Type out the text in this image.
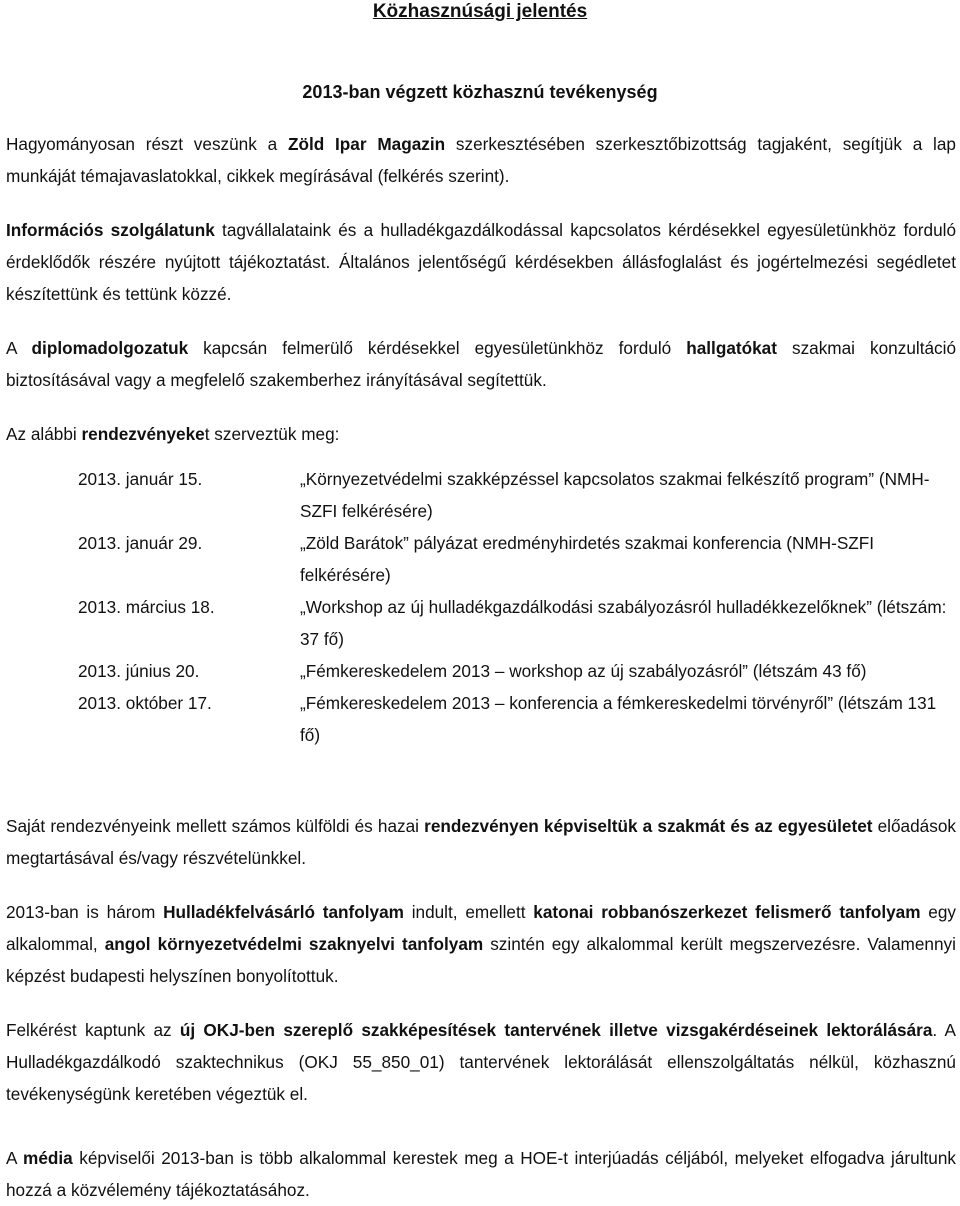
Közhasznúsági jelentés
2013-ban végzett közhasznú tevékenység
Hagyományosan részt veszünk a Zöld Ipar Magazin szerkesztésében szerkesztőbizottság tagjaként, segítjük a lap munkáját témajavaslatokkal, cikkek megírásával (felkérés szerint).
Információs szolgálatunk tagvállalataink és a hulladékgazdálkodással kapcsolatos kérdésekkel egyesületünkhöz forduló érdeklődők részére nyújtott tájékoztatást. Általános jelentőségű kérdésekben állásfoglalást és jogértelmezési segédletet készítettünk és tettünk közzé.
A diplomadolgozatuk kapcsán felmerülő kérdésekkel egyesületünkhöz forduló hallgatókat szakmai konzultáció biztosításával vagy a megfelelő szakemberhez irányításával segítettük.
Az alábbi rendezvényeket szerveztük meg:
2013. január 15.	„Környezetvédelmi szakképzéssel kapcsolatos szakmai felkészítő program” (NMH-SZFI felkérésére)
2013. január 29.	„Zöld Barátok” pályázat eredményhirdetés szakmai konferencia (NMH-SZFI felkérésére)
2013. március 18.	„Workshop az új hulladékgazdálkodási szabályozásról hulladékkezelőknek” (létszám: 37 fő)
2013. június 20.	„Fémkereskedelem 2013 – workshop az új szabályozásról” (létszám 43 fő)
2013. október 17.	„Fémkereskedelem 2013 – konferencia a fémkereskedelmi törvényről” (létszám 131 fő)
Saját rendezvényeink mellett számos külföldi és hazai rendezvényen képviseltük a szakmát és az egyesületet előadások megtartásával és/vagy részvételünkkel.
2013-ban is három Hulladékfelvásárló tanfolyam indult, emellett katonai robbanószerkezet felismerő tanfolyam egy alkalommal, angol környezetvédelmi szaknyelvi tanfolyam szintén egy alkalommal került megszervezésre. Valamennyi képzést budapesti helyszínen bonyolítottuk.
Felkérést kaptunk az új OKJ-ben szereplő szakképesítések tantervének illetve vizsgakérdéseinek lektorálására. A Hulladékgazdálkodó szaktechnikus (OKJ 55_850_01) tantervének lektorálását ellenszolgáltatás nélkül, közhasznú tevékenységünk keretében végeztük el.
A média képviselői 2013-ban is több alkalommal kerestek meg a HOE-t interjúadás céljából, melyeket elfogadva járultunk hozzá a közvélemény tájékoztatásához.
